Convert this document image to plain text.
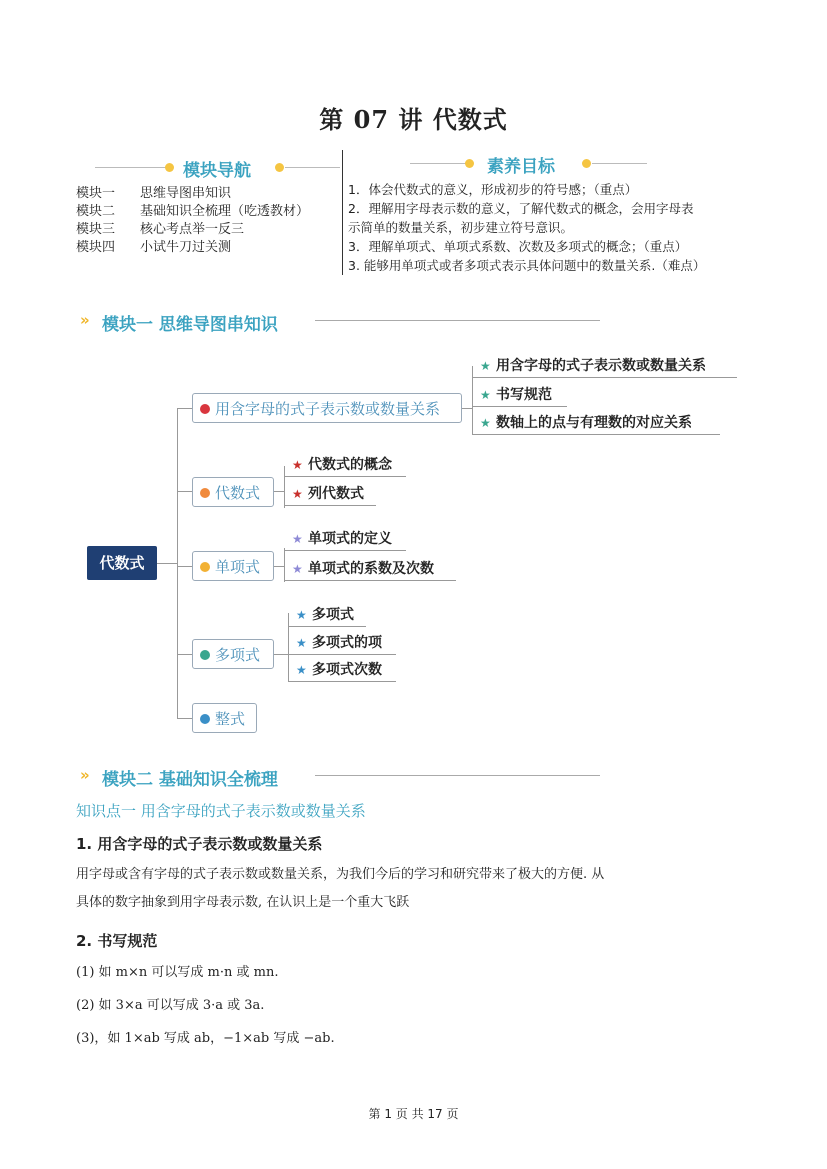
第 07 讲 代数式
模块导航
模块一 思维导图串知识
模块二 基础知识全梳理（吃透教材）
模块三 核心考点举一反三
模块四 小试牛刀过关测
素养目标
1．体会代数式的意义，形成初步的符号感；（重点）
2．理解用字母表示数的意义，了解代数式的概念，会用字母表
示简单的数量关系，初步建立符号意识。
3．理解单项式、单项式系数、次数及多项式的概念；（重点）
3. 能够用单项式或者多项式表示具体问题中的数量关系.（难点）
» 模块一 思维导图串知识
代数式
用含字母的式子表示数或数量关系
★ 用含字母的式子表示数或数量关系
★ 书写规范
★ 数轴上的点与有理数的对应关系
代数式
★ 代数式的概念
★ 列代数式
单项式
★ 单项式的定义
★ 单项式的系数及次数
多项式
★ 多项式
★ 多项式的项
★ 多项式次数
整式
» 模块二 基础知识全梳理
知识点一 用含字母的式子表示数或数量关系
1. 用含字母的式子表示数或数量关系
用字母或含有字母的式子表示数或数量关系，为我们今后的学习和研究带来了极大的方便. 从
具体的数字抽象到用字母表示数, 在认识上是一个重大飞跃
2. 书写规范
(1) 如 m×n 可以写成 m·n 或 mn.
(2) 如 3×a 可以写成 3·a 或 3a.
(3)，如 1×ab 写成 ab，−1×ab 写成 −ab.
第 1 页 共 17 页
